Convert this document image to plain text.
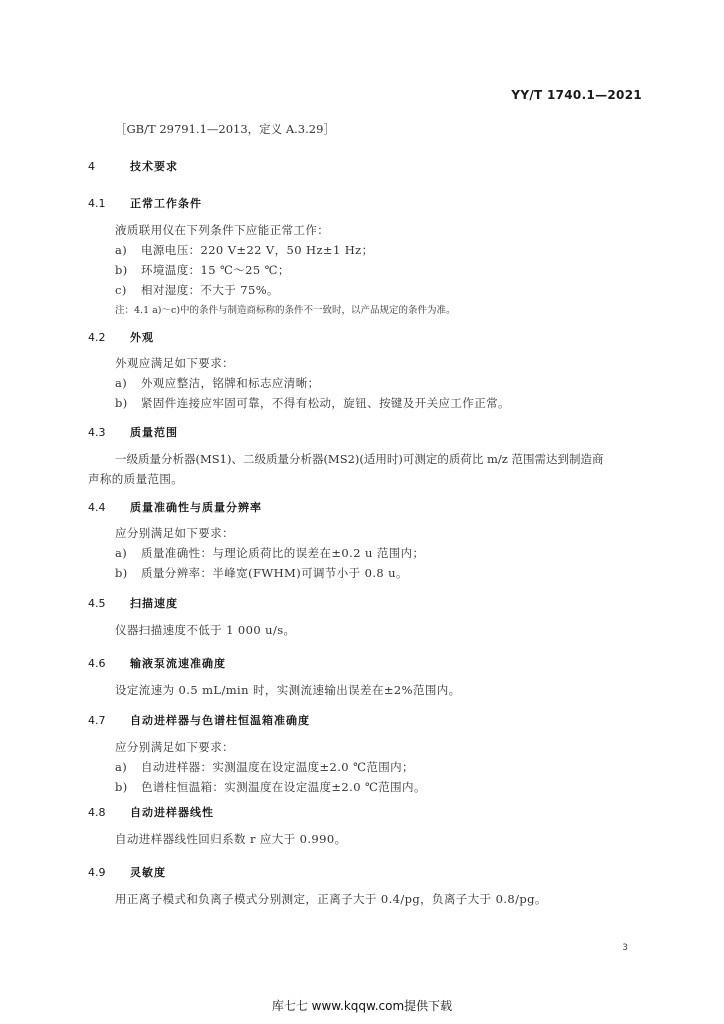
YY/T 1740.1—2021
［GB/T 29791.1—2013，定义 A.3.29］
4	技术要求
4.1 正常工作条件
液质联用仪在下列条件下应能正常工作：
a) 电源电压：220 V±22 V，50 Hz±1 Hz；
b) 环境温度：15 ℃～25 ℃；
c) 相对湿度：不大于 75%。
注：4.1 a)～c)中的条件与制造商标称的条件不一致时，以产品规定的条件为准。
4.2 外观
外观应满足如下要求：
a) 外观应整洁，铭牌和标志应清晰；
b) 紧固件连接应牢固可靠，不得有松动，旋钮、按键及开关应工作正常。
4.3 质量范围
一级质量分析器(MS1)、二级质量分析器(MS2)(适用时)可测定的质荷比 m/z 范围需达到制造商
声称的质量范围。
4.4 质量准确性与质量分辨率
应分别满足如下要求：
a) 质量准确性：与理论质荷比的误差在±0.2 u 范围内；
b) 质量分辨率：半峰宽(FWHM)可调节小于 0.8 u。
4.5 扫描速度
仪器扫描速度不低于 1 000 u/s。
4.6 输液泵流速准确度
设定流速为 0.5 mL/min 时，实测流速输出误差在±2%范围内。
4.7 自动进样器与色谱柱恒温箱准确度
应分别满足如下要求：
a) 自动进样器：实测温度在设定温度±2.0 ℃范围内；
b) 色谱柱恒温箱：实测温度在设定温度±2.0 ℃范围内。
4.8 自动进样器线性
自动进样器线性回归系数 r 应大于 0.990。
4.9 灵敏度
用正离子模式和负离子模式分别测定，正离子大于 0.4/pg，负离子大于 0.8/pg。
3
库七七 www.kqqw.com提供下载
